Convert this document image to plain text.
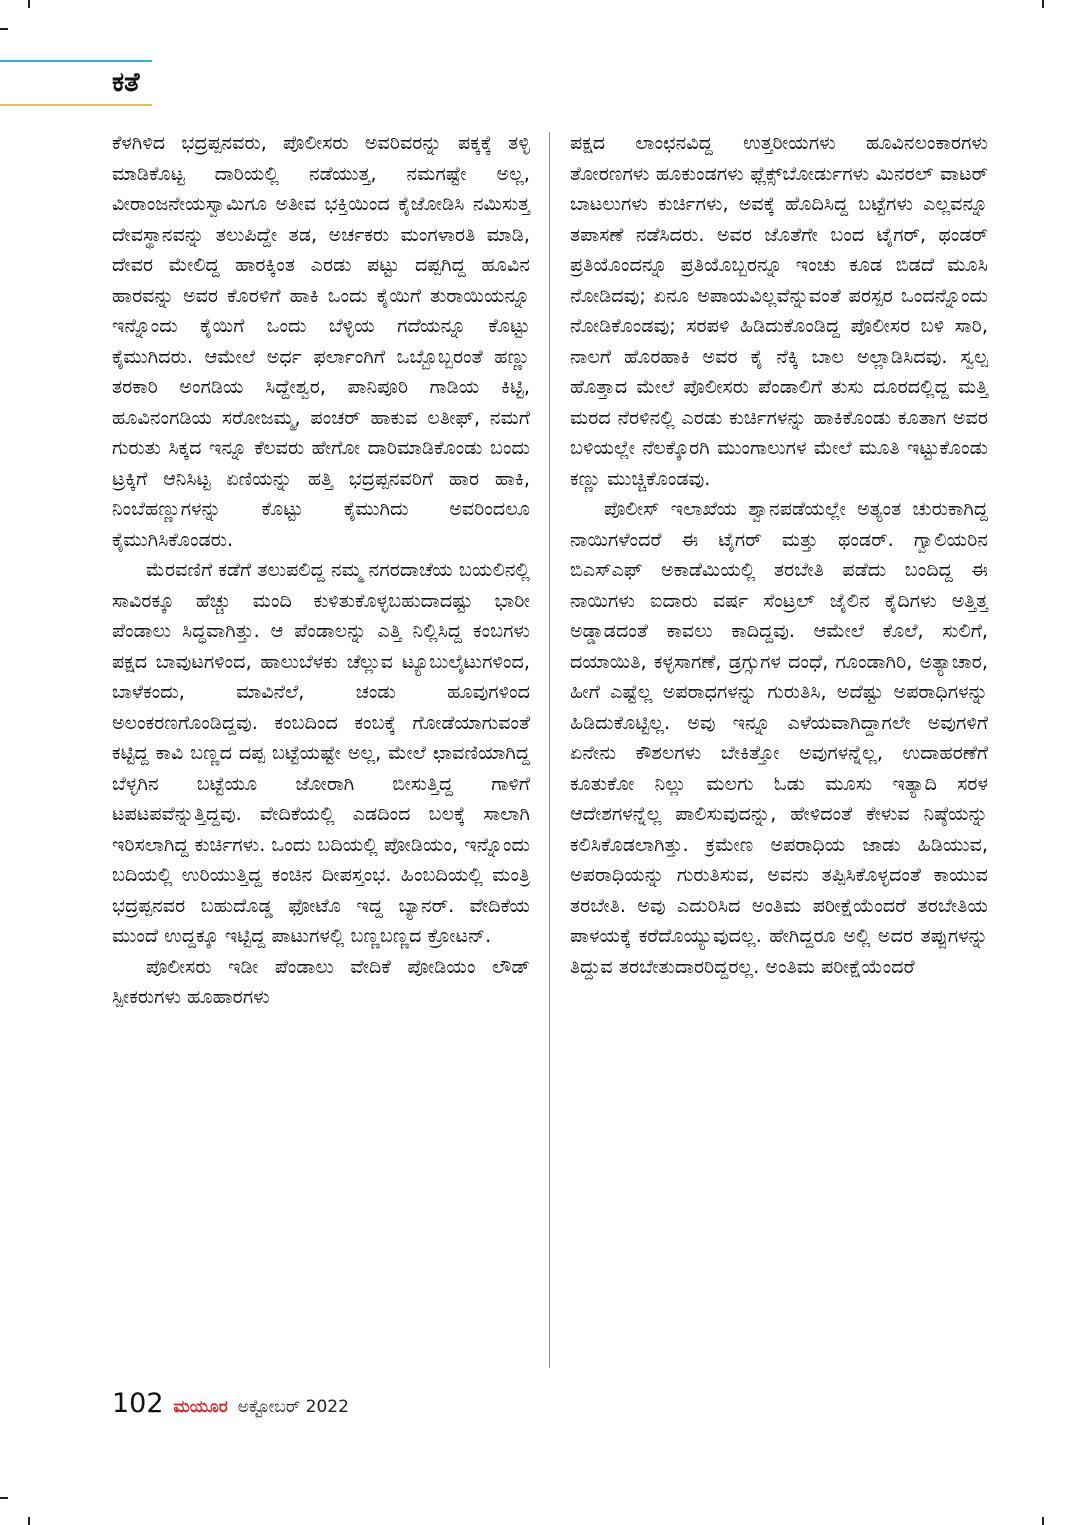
ಕತೆ

ಕೆಳಗಿಳಿದ ಭದ್ರಪ್ಪನವರು, ಪೊಲೀಸರು ಅವರಿವರನ್ನು ಪಕ್ಕಕ್ಕೆ ತಳ್ಳಿ ಮಾಡಿಕೊಟ್ಟ ದಾರಿಯಲ್ಲಿ ನಡೆಯುತ್ತ, ನಮಗಷ್ಟೇ ಅಲ್ಲ, ವೀರಾಂಜನೇಯಸ್ವಾಮಿಗೂ ಅತೀವ ಭಕ್ತಿಯಿಂದ ಕೈಜೋಡಿಸಿ ನಮಿಸುತ್ತ ದೇವಸ್ಥಾನವನ್ನು ತಲುಪಿದ್ದೇ ತಡ, ಅರ್ಚಕರು ಮಂಗಳಾರತಿ ಮಾಡಿ, ದೇವರ ಮೇಲಿದ್ದ ಹಾರಕ್ಕಿಂತ ಎರಡು ಪಟ್ಟು ದಪ್ಪಗಿದ್ದ ಹೂವಿನ ಹಾರವನ್ನು ಅವರ ಕೊರಳಿಗೆ ಹಾಕಿ ಒಂದು ಕೈಯಿಗೆ ತುರಾಯಿಯನ್ನೂ ಇನ್ನೊಂದು ಕೈಯಿಗೆ ಒಂದು ಬೆಳ್ಳಿಯ ಗದೆಯನ್ನೂ ಕೊಟ್ಟು ಕೈಮುಗಿದರು. ಆಮೇಲೆ ಅರ್ಧ ಫರ್ಲಾಂಗಿಗೆ ಒಬ್ಬೊಬ್ಬರಂತೆ ಹಣ್ಣು ತರಕಾರಿ ಅಂಗಡಿಯ ಸಿದ್ದೇಶ್ವರ, ಪಾನಿಪೂರಿ ಗಾಡಿಯ ಕಿಟ್ಟಿ, ಹೂವಿನಂಗಡಿಯ ಸರೋಜಮ್ಮ, ಪಂಚರ್ ಹಾಕುವ ಲತೀಫ್, ನಮಗೆ ಗುರುತು ಸಿಕ್ಕದ ಇನ್ನೂ ಕೆಲವರು ಹೇಗೋ ದಾರಿಮಾಡಿಕೊಂಡು ಬಂದು ಟ್ರಕ್ಕಿಗೆ ಆನಿಸಿಟ್ಟ ಏಣಿಯನ್ನು ಹತ್ತಿ ಭದ್ರಪ್ಪನವರಿಗೆ ಹಾರ ಹಾಕಿ, ನಿಂಬೆಹಣ್ಣುಗಳನ್ನು ಕೊಟ್ಟು ಕೈಮುಗಿದು ಅವರಿಂದಲೂ ಕೈಮುಗಿಸಿಕೊಂಡರು.

ಮೆರವಣಿಗೆ ಕಡೆಗೆ ತಲುಪಲಿದ್ದ ನಮ್ಮ ನಗರದಾಚೆಯ ಬಯಲಿನಲ್ಲಿ ಸಾವಿರಕ್ಕೂ ಹೆಚ್ಚು ಮಂದಿ ಕುಳಿತುಕೊಳ್ಳಬಹುದಾದಷ್ಟು ಭಾರೀ ಪೆಂಡಾಲು ಸಿದ್ಧವಾಗಿತ್ತು. ಆ ಪೆಂಡಾಲನ್ನು ಎತ್ತಿ ನಿಲ್ಲಿಸಿದ್ದ ಕಂಬಗಳು ಪಕ್ಷದ ಬಾವುಟಗಳಿಂದ, ಹಾಲುಬೆಳಕು ಚೆಲ್ಲುವ ಟ್ಯೂಬುಲೈಟುಗಳಿಂದ, ಬಾಳೆಕಂದು, ಮಾವಿನೆಲೆ, ಚಂಡು ಹೂವುಗಳಿಂದ ಅಲಂಕರಣಗೊಂಡಿದ್ದವು. ಕಂಬದಿಂದ ಕಂಬಕ್ಕೆ ಗೋಡೆಯಾಗುವಂತೆ ಕಟ್ಟಿದ್ದ ಕಾವಿ ಬಣ್ಣದ ದಪ್ಪ ಬಟ್ಟೆಯಷ್ಟೇ ಅಲ್ಲ, ಮೇಲೆ ಛಾವಣಿಯಾಗಿದ್ದ ಬೆಳ್ಳಗಿನ ಬಟ್ಟೆಯೂ ಜೋರಾಗಿ ಬೀಸುತ್ತಿದ್ದ ಗಾಳಿಗೆ ಟಪಟಪವೆನ್ನುತ್ತಿದ್ದವು. ವೇದಿಕೆಯಲ್ಲಿ ಎಡದಿಂದ ಬಲಕ್ಕೆ ಸಾಲಾಗಿ ಇರಿಸಲಾಗಿದ್ದ ಕುರ್ಚಿಗಳು. ಒಂದು ಬದಿಯಲ್ಲಿ ಪೋಡಿಯಂ, ಇನ್ನೊಂದು ಬದಿಯಲ್ಲಿ ಉರಿಯುತ್ತಿದ್ದ ಕಂಚಿನ ದೀಪಸ್ತಂಭ. ಹಿಂಬದಿಯಲ್ಲಿ ಮಂತ್ರಿ ಭದ್ರಪ್ಪನವರ ಬಹುದೊಡ್ಡ ಫೋಟೊ ಇದ್ದ ಬ್ಯಾನರ್. ವೇದಿಕೆಯ ಮುಂದೆ ಉದ್ದಕ್ಕೂ ಇಟ್ಟಿದ್ದ ಪಾಟುಗಳಲ್ಲಿ ಬಣ್ಣಬಣ್ಣದ ಕ್ರೋಟನ್.

ಪೊಲೀಸರು ಇಡೀ ಪೆಂಡಾಲು ವೇದಿಕೆ ಪೋಡಿಯಂ ಲೌಡ್ ಸ್ಪೀಕರುಗಳು ಹೂಹಾರಗಳು

ಪಕ್ಷದ ಲಾಂಛನವಿದ್ದ ಉತ್ತರೀಯಗಳು ಹೂವಿನಲಂಕಾರಗಳು ತೋರಣಗಳು ಹೂಕುಂಡಗಳು ಫ್ಲೆಕ್ಸ್‌ಬೋರ್ಡುಗಳು ಮಿನರಲ್ ವಾಟರ್ ಬಾಟಲುಗಳು ಕುರ್ಚಿಗಳು, ಅವಕ್ಕೆ ಹೊದಿಸಿದ್ದ ಬಟ್ಟೆಗಳು ಎಲ್ಲವನ್ನೂ ತಪಾಸಣೆ ನಡೆಸಿದರು. ಅವರ ಜೊತೆಗೇ ಬಂದ ಟೈಗರ್, ಥಂಡರ್ ಪ್ರತಿಯೊಂದನ್ನೂ ಪ್ರತಿಯೊಬ್ಬರನ್ನೂ ಇಂಚು ಕೂಡ ಬಿಡದೆ ಮೂಸಿ ನೋಡಿದವು; ಏನೂ ಅಪಾಯವಿಲ್ಲವೆನ್ನುವಂತೆ ಪರಸ್ಪರ ಒಂದನ್ನೊಂದು ನೋಡಿಕೊಂಡವು; ಸರಪಳಿ ಹಿಡಿದುಕೊಂಡಿದ್ದ ಪೊಲೀಸರ ಬಳಿ ಸಾರಿ, ನಾಲಗೆ ಹೊರಹಾಕಿ ಅವರ ಕೈ ನೆಕ್ಕಿ ಬಾಲ ಅಲ್ಲಾಡಿಸಿದವು. ಸ್ವಲ್ಪ ಹೊತ್ತಾದ ಮೇಲೆ ಪೊಲೀಸರು ಪೆಂಡಾಲಿಗೆ ತುಸು ದೂರದಲ್ಲಿದ್ದ ಮತ್ತಿ ಮರದ ನೆರಳಿನಲ್ಲಿ ಎರಡು ಕುರ್ಚಿಗಳನ್ನು ಹಾಕಿಕೊಂಡು ಕೂತಾಗ ಅವರ ಬಳಿಯಲ್ಲೇ ನೆಲಕ್ಕೊರಗಿ ಮುಂಗಾಲುಗಳ ಮೇಲೆ ಮೂತಿ ಇಟ್ಟುಕೊಂಡು ಕಣ್ಣು ಮುಚ್ಚಿಕೊಂಡವು.

ಪೊಲೀಸ್ ಇಲಾಖೆಯ ಶ್ವಾನಪಡೆಯಲ್ಲೇ ಅತ್ಯಂತ ಚುರುಕಾಗಿದ್ದ ನಾಯಿಗಳೆಂದರೆ ಈ ಟೈಗರ್ ಮತ್ತು ಥಂಡರ್. ಗ್ವಾಲಿಯರಿನ ಬಿಎಸ್‌ಎಫ್ ಅಕಾಡೆಮಿಯಲ್ಲಿ ತರಬೇತಿ ಪಡೆದು ಬಂದಿದ್ದ ಈ ನಾಯಿಗಳು ಐದಾರು ವರ್ಷ ಸೆಂಟ್ರಲ್ ಜೈಲಿನ ಕೈದಿಗಳು ಅತ್ತಿತ್ತ ಅಡ್ಡಾಡದಂತೆ ಕಾವಲು ಕಾದಿದ್ದವು. ಆಮೇಲೆ ಕೊಲೆ, ಸುಲಿಗೆ, ದಯಾಯಿತಿ, ಕಳ್ಳಸಾಗಣೆ, ಡ್ರಗ್ಸುಗಳ ದಂಧೆ, ಗೂಂಡಾಗಿರಿ, ಅತ್ಯಾಚಾರ, ಹೀಗೆ ಎಷ್ಟೆಲ್ಲ ಅಪರಾಧಗಳನ್ನು ಗುರುತಿಸಿ, ಅದೆಷ್ಟು ಅಪರಾಧಿಗಳನ್ನು ಹಿಡಿದುಕೊಟ್ಟಿಲ್ಲ. ಅವು ಇನ್ನೂ ಎಳೆಯವಾಗಿದ್ದಾಗಲೇ ಅವುಗಳಿಗೆ ಏನೇನು ಕೌಶಲಗಳು ಬೇಕಿತ್ತೋ ಅವುಗಳನ್ನೆಲ್ಲ, ಉದಾಹರಣೆಗೆ ಕೂತುಕೋ ನಿಲ್ಲು ಮಲಗು ಓಡು ಮೂಸು ಇತ್ಯಾದಿ ಸರಳ ಆದೇಶಗಳನ್ನೆಲ್ಲ ಪಾಲಿಸುವುದನ್ನು, ಹೇಳಿದಂತೆ ಕೇಳುವ ನಿಷ್ಠೆಯನ್ನು ಕಲಿಸಿಕೊಡಲಾಗಿತ್ತು. ಕ್ರಮೇಣ ಅಪರಾಧಿಯ ಜಾಡು ಹಿಡಿಯುವ, ಅಪರಾಧಿಯನ್ನು ಗುರುತಿಸುವ, ಅವನು ತಪ್ಪಿಸಿಕೊಳ್ಳದಂತೆ ಕಾಯುವ ತರಬೇತಿ. ಅವು ಎದುರಿಸಿದ ಅಂತಿಮ ಪರೀಕ್ಷೆಯೆಂದರೆ ತರಬೇತಿಯ ಪಾಳಯಕ್ಕೆ ಕರೆದೊಯ್ಯುವುದಲ್ಲ. ಹೇಗಿದ್ದರೂ ಅಲ್ಲಿ ಅದರ ತಪ್ಪುಗಳನ್ನು ತಿದ್ದುವ ತರಬೇತುದಾರರಿದ್ದರಲ್ಲ. ಅಂತಿಮ ಪರೀಕ್ಷೆಯೆಂದರೆ

102 ಮಯೂರ ಅಕ್ಟೋಬರ್ 2022
